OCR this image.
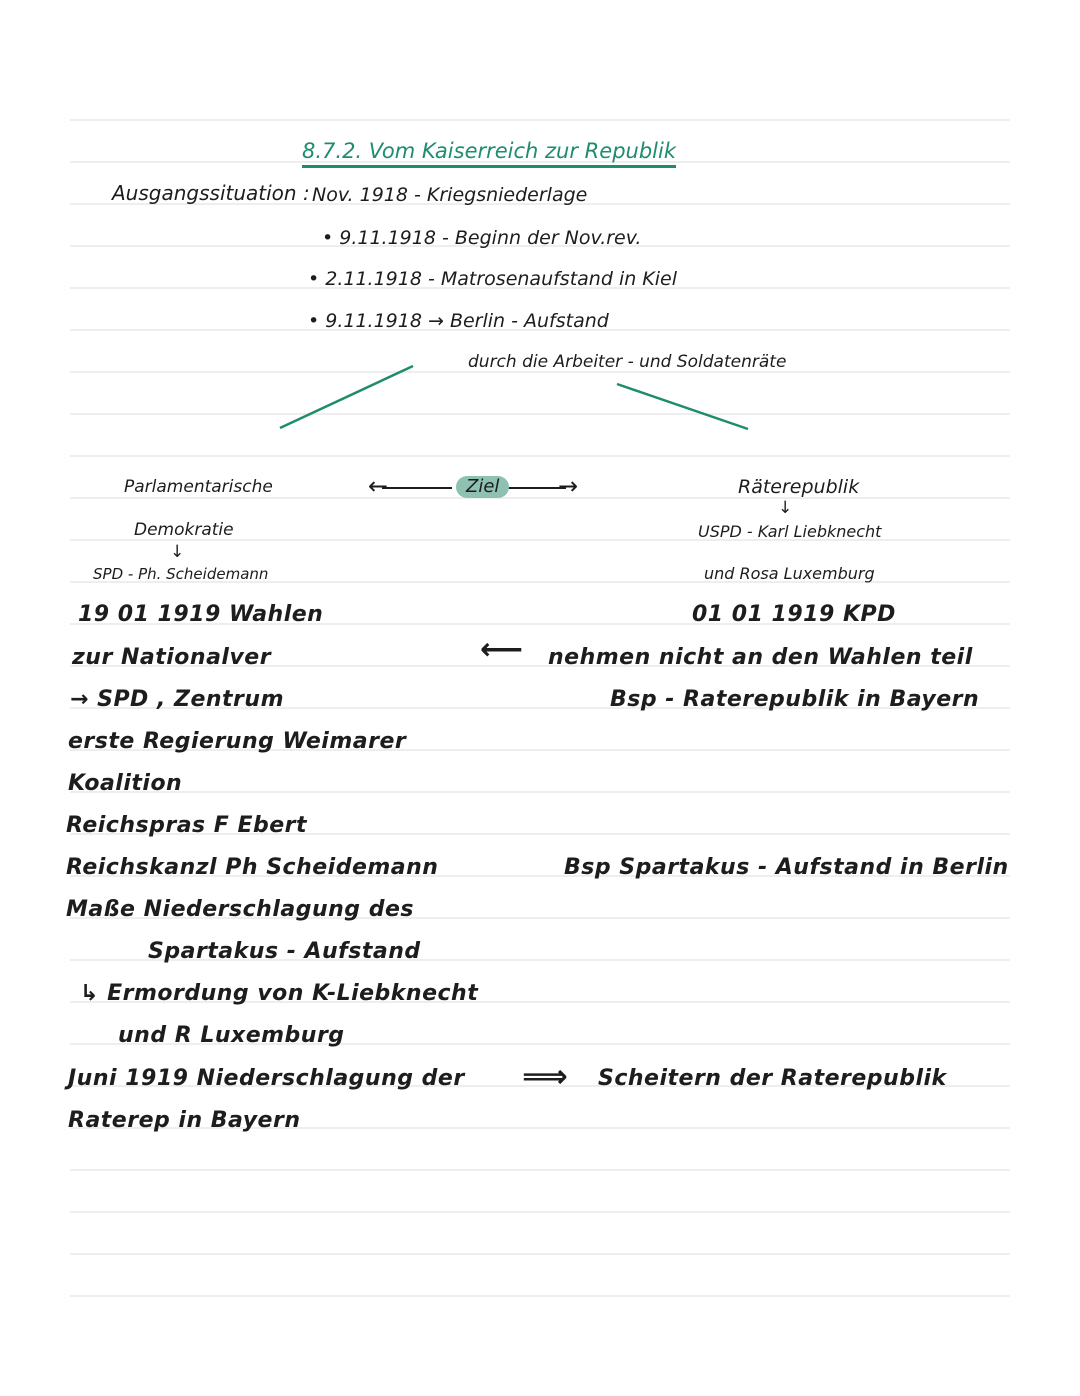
8.7.2. Vom Kaiserreich zur Republik
Ausgangssituation : Nov. 1918 - Kriegsniederlage
• 9.11.1918 - Beginn der Nov.rev.
• 2.11.1918 - Matrosenaufstand in Kiel
• 9.11.1918 → Berlin - Aufstand
durch die Arbeiter - und Soldatenräte
Parlamentarische
Demokratie
↓
SPD - Ph. Scheidemann
←	Ziel	→	Räterepublik
↓
USPD - Karl Liebknecht
und Rosa Luxemburg
19 01 1919 Wahlen
zur Nationalver
→ SPD , Zentrum
erste Regierung Weimarer
Koalition
Reichspras F Ebert
Reichskanzl Ph Scheidemann
Maße Niederschlagung des
Spartakus - Aufstand
↳ Ermordung von K-Liebknecht
und R Luxemburg
Juni 1919 Niederschlagung der
Raterep in Bayern
01 01 1919 KPD
⟵ nehmen nicht an den Wahlen teil
Bsp - Raterepublik in Bayern
Bsp Spartakus - Aufstand in Berlin
⟹ Scheitern der Raterepublik
